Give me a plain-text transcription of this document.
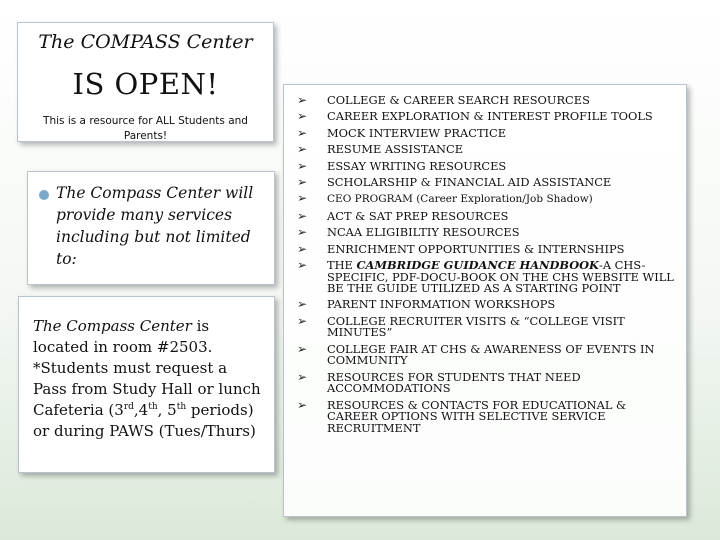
The COMPASS Center
IS OPEN!
This is a resource for ALL Students and Parents!
The Compass Center will provide many services including but not limited to:
The Compass Center is located in room #2503.
*Students must request a Pass from Study Hall or lunch Cafeteria (3rd,4th, 5th periods) or during PAWS (Tues/Thurs)
➢ COLLEGE & CAREER SEARCH RESOURCES
➢ CAREER EXPLORATION & INTEREST PROFILE TOOLS
➢ MOCK INTERVIEW PRACTICE
➢ RESUME ASSISTANCE
➢ ESSAY WRITING RESOURCES
➢ SCHOLARSHIP & FINANCIAL AID ASSISTANCE
➢ CEO PROGRAM (Career Exploration/Job Shadow)
➢ ACT & SAT PREP RESOURCES
➢ NCAA ELIGIBILTIY RESOURCES
➢ ENRICHMENT OPPORTUNITIES & INTERNSHIPS
➢ THE CAMBRIDGE GUIDANCE HANDBOOK-A CHS-SPECIFIC, PDF-DOCU-BOOK ON THE CHS WEBSITE WILL BE THE GUIDE UTILIZED AS A STARTING POINT
➢ PARENT INFORMATION WORKSHOPS
➢ COLLEGE RECRUITER VISITS & “COLLEGE VISIT MINUTES”
➢ COLLEGE FAIR AT CHS & AWARENESS OF EVENTS IN COMMUNITY
➢ RESOURCES FOR STUDENTS THAT NEED ACCOMMODATIONS
➢ RESOURCES & CONTACTS FOR EDUCATIONAL & CAREER OPTIONS WITH SELECTIVE SERVICE RECRUITMENT
